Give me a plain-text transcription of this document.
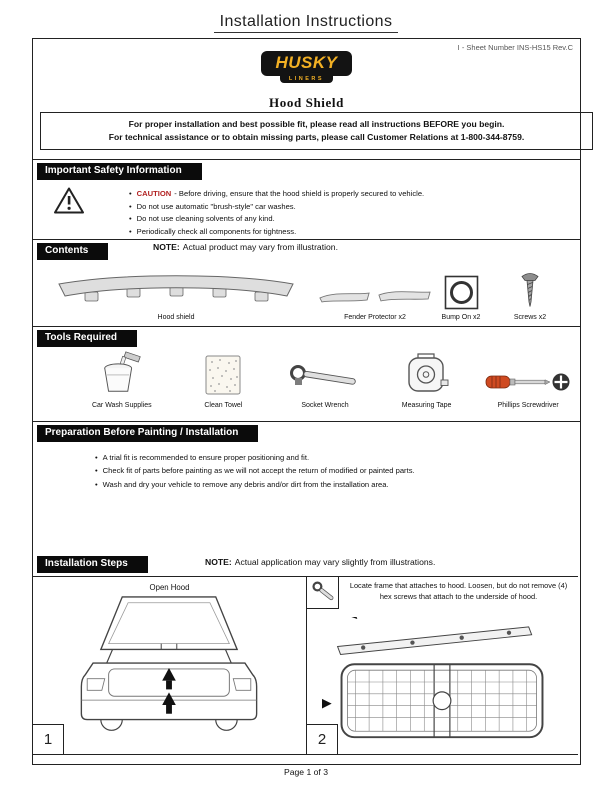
Installation Instructions
I - Sheet Number INS-HS15 Rev.C
HUSKY
LINERS
Hood Shield
For proper installation and best possible fit, please read all instructions BEFORE you begin.
For technical assistance or to obtain missing parts, please call Customer Relations at 1-800-344-8759.
Important Safety Information
• CAUTION - Before driving, ensure that the hood shield is properly secured to vehicle.
• Do not use automatic "brush-style" car washes.
• Do not use cleaning solvents of any kind.
• Periodically check all components for tightness.
Contents	NOTE: Actual product may vary from illustration.
Hood shield	Fender Protector x2	Bump On x2	Screws x2
Tools Required
Car Wash Supplies	Clean Towel	Socket Wrench	Measuring Tape	Phillips Screwdriver
Preparation Before Painting / Installation
• A trial fit is recommended to ensure proper positioning and fit.
• Check fit of parts before painting as we will not accept the return of modified or painted parts.
• Wash and dry your vehicle to remove any debris and/or dirt from the installation area.
Installation Steps	NOTE: Actual application may vary slightly from illustrations.
Open Hood
1
Locate frame that attaches to hood. Loosen, but do not remove (4) hex screws that attach to the underside of hood.
2
Page 1 of 3
